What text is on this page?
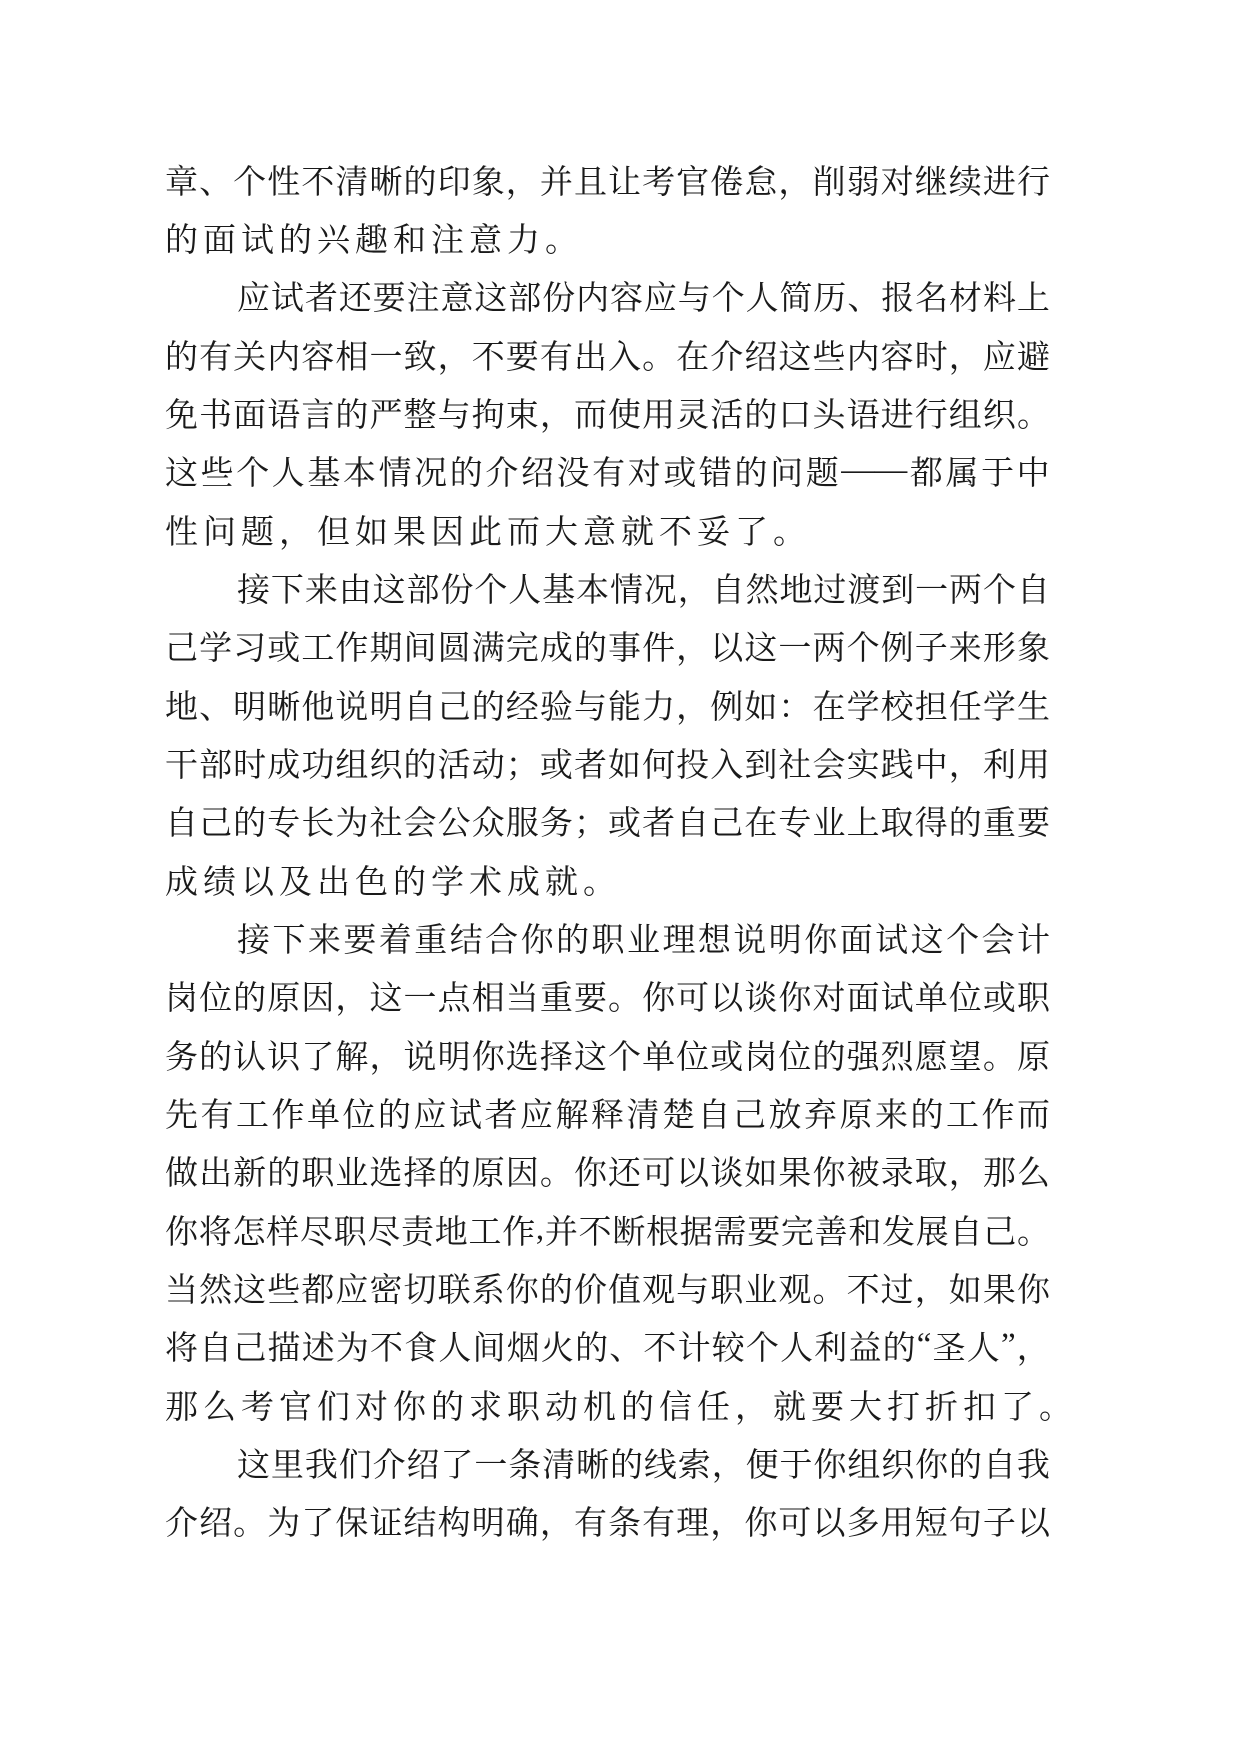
章 、 个 性 不 清 晰 的 印 象 ， 并 且 让 考 官 倦 怠 ， 削 弱 对 继 续 进 行
的 面 试 的 兴 趣 和 注 意 力 。
应 试 者 还 要 注 意 这 部 份 内 容 应 与 个 人 简 历 、 报 名 材 料 上
的 有 关 内 容 相 一 致 ， 不 要 有 出 入 。 在 介 绍 这 些 内 容 时 ， 应 避
免 书 面 语 言 的 严 整 与 拘 束 ， 而 使 用 灵 活 的 口 头 语 进 行 组 织 。
这 些 个 人 基 本 情 况 的 介 绍 没 有 对 或 错 的 问 题 —— 都 属 于 中
性 问 题 ， 但 如 果 因 此 而 大 意 就 不 妥 了 。
接 下 来 由 这 部 份 个 人 基 本 情 况 ， 自 然 地 过 渡 到 一 两 个 自
己 学 习 或 工 作 期 间 圆 满 完 成 的 事 件 ， 以 这 一 两 个 例 子 来 形 象
地 、 明 晰 他 说 明 自 己 的 经 验 与 能 力 ， 例 如 ： 在 学 校 担 任 学 生
干 部 时 成 功 组 织 的 活 动 ； 或 者 如 何 投 入 到 社 会 实 践 中 ， 利 用
自 己 的 专 长 为 社 会 公 众 服 务 ； 或 者 自 己 在 专 业 上 取 得 的 重 要
成 绩 以 及 出 色 的 学 术 成 就 。
接 下 来 要 着 重 结 合 你 的 职 业 理 想 说 明 你 面 试 这 个 会 计
岗 位 的 原 因 ， 这 一 点 相 当 重 要 。 你 可 以 谈 你 对 面 试 单 位 或 职
务 的 认 识 了 解 ， 说 明 你 选 择 这 个 单 位 或 岗 位 的 强 烈 愿 望 。 原
先 有 工 作 单 位 的 应 试 者 应 解 释 清 楚 自 己 放 弃 原 来 的 工 作 而
做 出 新 的 职 业 选 择 的 原 因 。 你 还 可 以 谈 如 果 你 被 录 取 ， 那 么
你 将 怎 样 尽 职 尽 责 地 工 作 , 并 不 断 根 据 需 要 完 善 和 发 展 自 己 。
当 然 这 些 都 应 密 切 联 系 你 的 价 值 观 与 职 业 观 。 不 过 ， 如 果 你
将 自 己 描 述 为 不 食 人 间 烟 火 的 、 不 计 较 个 人 利 益 的 “ 圣 人 ” ，
那 么 考 官 们 对 你 的 求 职 动 机 的 信 任 ， 就 要 大 打 折 扣 了 。
这 里 我 们 介 绍 了 一 条 清 晰 的 线 索 ， 便 于 你 组 织 你 的 自 我
介 绍 。 为 了 保 证 结 构 明 确 ， 有 条 有 理 ， 你 可 以 多 用 短 句 子 以
